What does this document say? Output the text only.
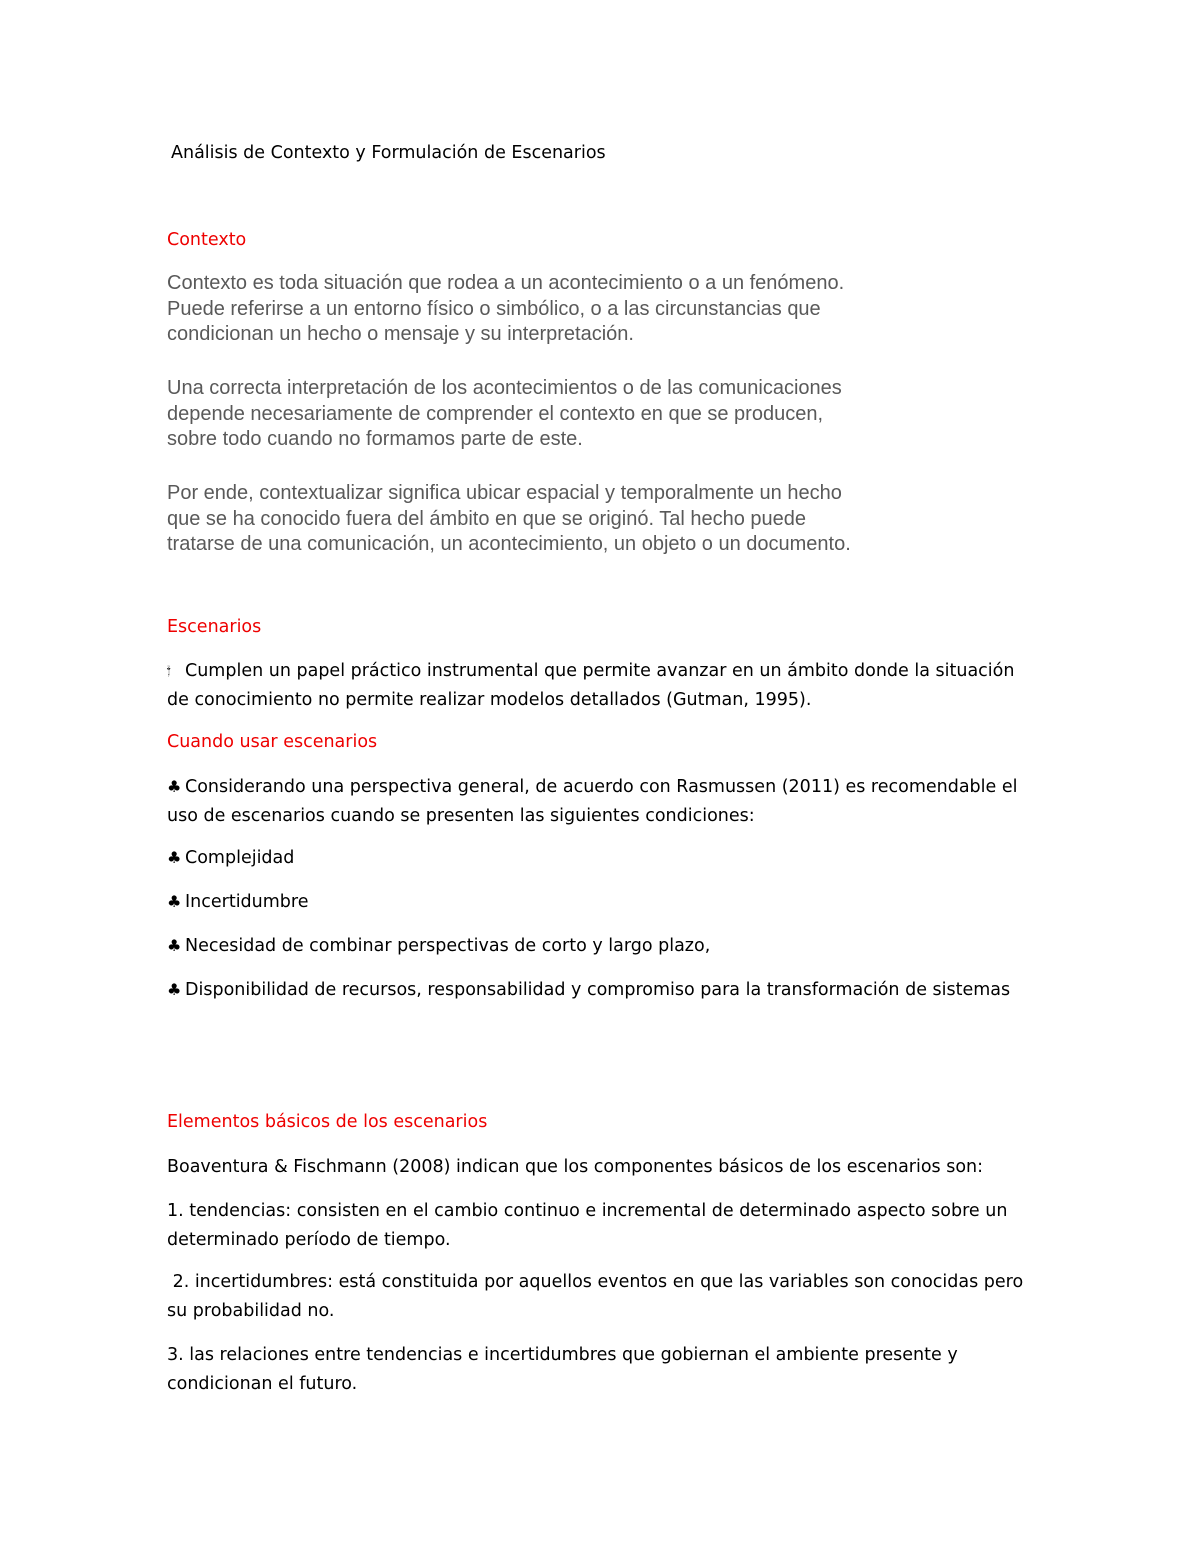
Análisis de Contexto y Formulación de Escenarios
Contexto
Contexto es toda situación que rodea a un acontecimiento o a un fenómeno.
Puede referirse a un entorno físico o simbólico, o a las circunstancias que
condicionan un hecho o mensaje y su interpretación.
Una correcta interpretación de los acontecimientos o de las comunicaciones
depende necesariamente de comprender el contexto en que se producen,
sobre todo cuando no formamos parte de este.
Por ende, contextualizar significa ubicar espacial y temporalmente un hecho
que se ha conocido fuera del ámbito en que se originó. Tal hecho puede
tratarse de una comunicación, un acontecimiento, un objeto o un documento.
Escenarios
🙯 Cumplen un papel práctico instrumental que permite avanzar en un ámbito donde la situación
de conocimiento no permite realizar modelos detallados (Gutman, 1995).
Cuando usar escenarios
♣ Considerando una perspectiva general, de acuerdo con Rasmussen (2011) es recomendable el
uso de escenarios cuando se presenten las siguientes condiciones:
♣ Complejidad
♣ Incertidumbre
♣ Necesidad de combinar perspectivas de corto y largo plazo,
♣ Disponibilidad de recursos, responsabilidad y compromiso para la transformación de sistemas
Elementos básicos de los escenarios
Boaventura & Fischmann (2008) indican que los componentes básicos de los escenarios son:
1. tendencias: consisten en el cambio continuo e incremental de determinado aspecto sobre un
determinado período de tiempo.
2. incertidumbres: está constituida por aquellos eventos en que las variables son conocidas pero
su probabilidad no.
3. las relaciones entre tendencias e incertidumbres que gobiernan el ambiente presente y
condicionan el futuro.
